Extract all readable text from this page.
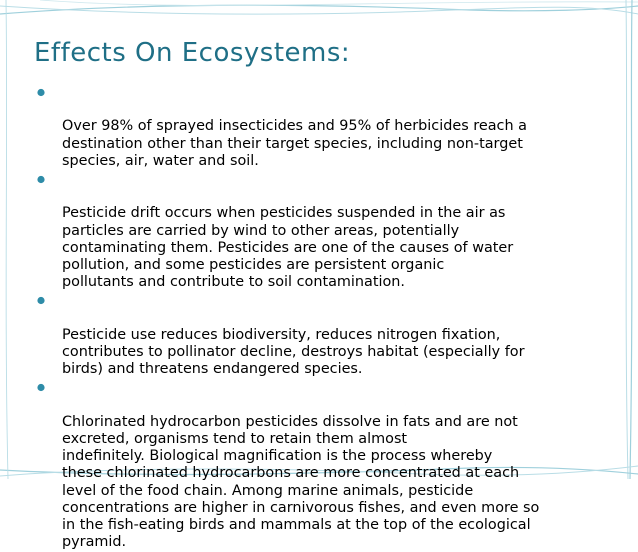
Effects On Ecosystems:

Over 98% of sprayed insecticides and 95% of herbicides reach a
destination other than their target species, including non-target
species, air, water and soil.

Pesticide drift occurs when pesticides suspended in the air as
particles are carried by wind to other areas, potentially
contaminating them. Pesticides are one of the causes of water
pollution, and some pesticides are persistent organic
pollutants and contribute to soil contamination.

Pesticide use reduces biodiversity, reduces nitrogen fixation,
contributes to pollinator decline, destroys habitat (especially for
birds) and threatens endangered species.

Chlorinated hydrocarbon pesticides dissolve in fats and are not
excreted, organisms tend to retain them almost
indefinitely. Biological magnification is the process whereby
these chlorinated hydrocarbons are more concentrated at each
level of the food chain. Among marine animals, pesticide
concentrations are higher in carnivorous fishes, and even more so
in the fish-eating birds and mammals at the top of the ecological
pyramid.
